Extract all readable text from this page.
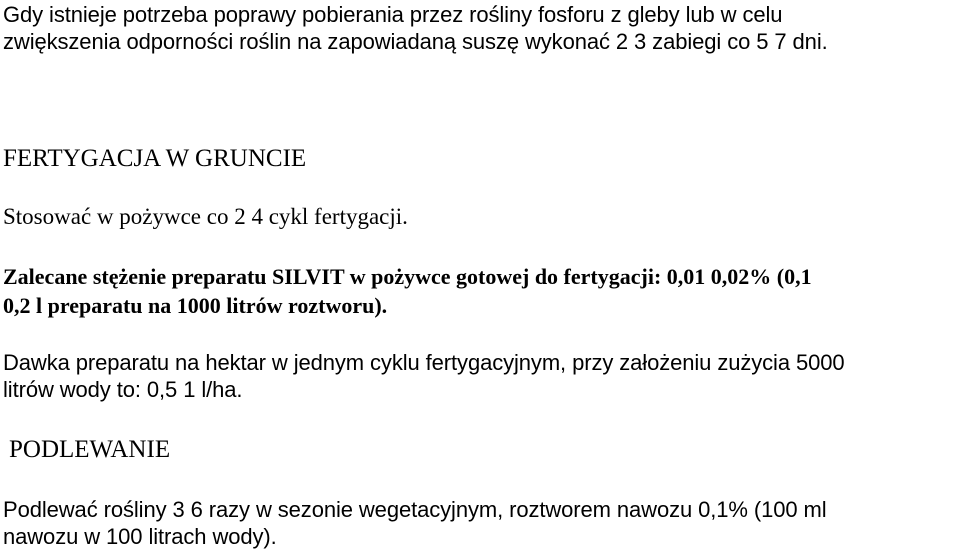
Gdy istnieje potrzeba poprawy pobierania przez rośliny fosforu z gleby lub w celu
zwiększenia odporności roślin na zapowiadaną suszę wykonać 2 3 zabiegi co 5 7 dni.

FERTYGACJA W GRUNCIE

Stosować w pożywce co 2 4 cykl fertygacji.

Zalecane stężenie preparatu SILVIT w pożywce gotowej do fertygacji: 0,01 0,02% (0,1
0,2 l preparatu na 1000 litrów roztworu).

Dawka preparatu na hektar w jednym cyklu fertygacyjnym, przy założeniu zużycia 5000
litrów wody to: 0,5 1 l/ha.

PODLEWANIE

Podlewać rośliny 3 6 razy w sezonie wegetacyjnym, roztworem nawozu 0,1% (100 ml
nawozu w 100 litrach wody).
